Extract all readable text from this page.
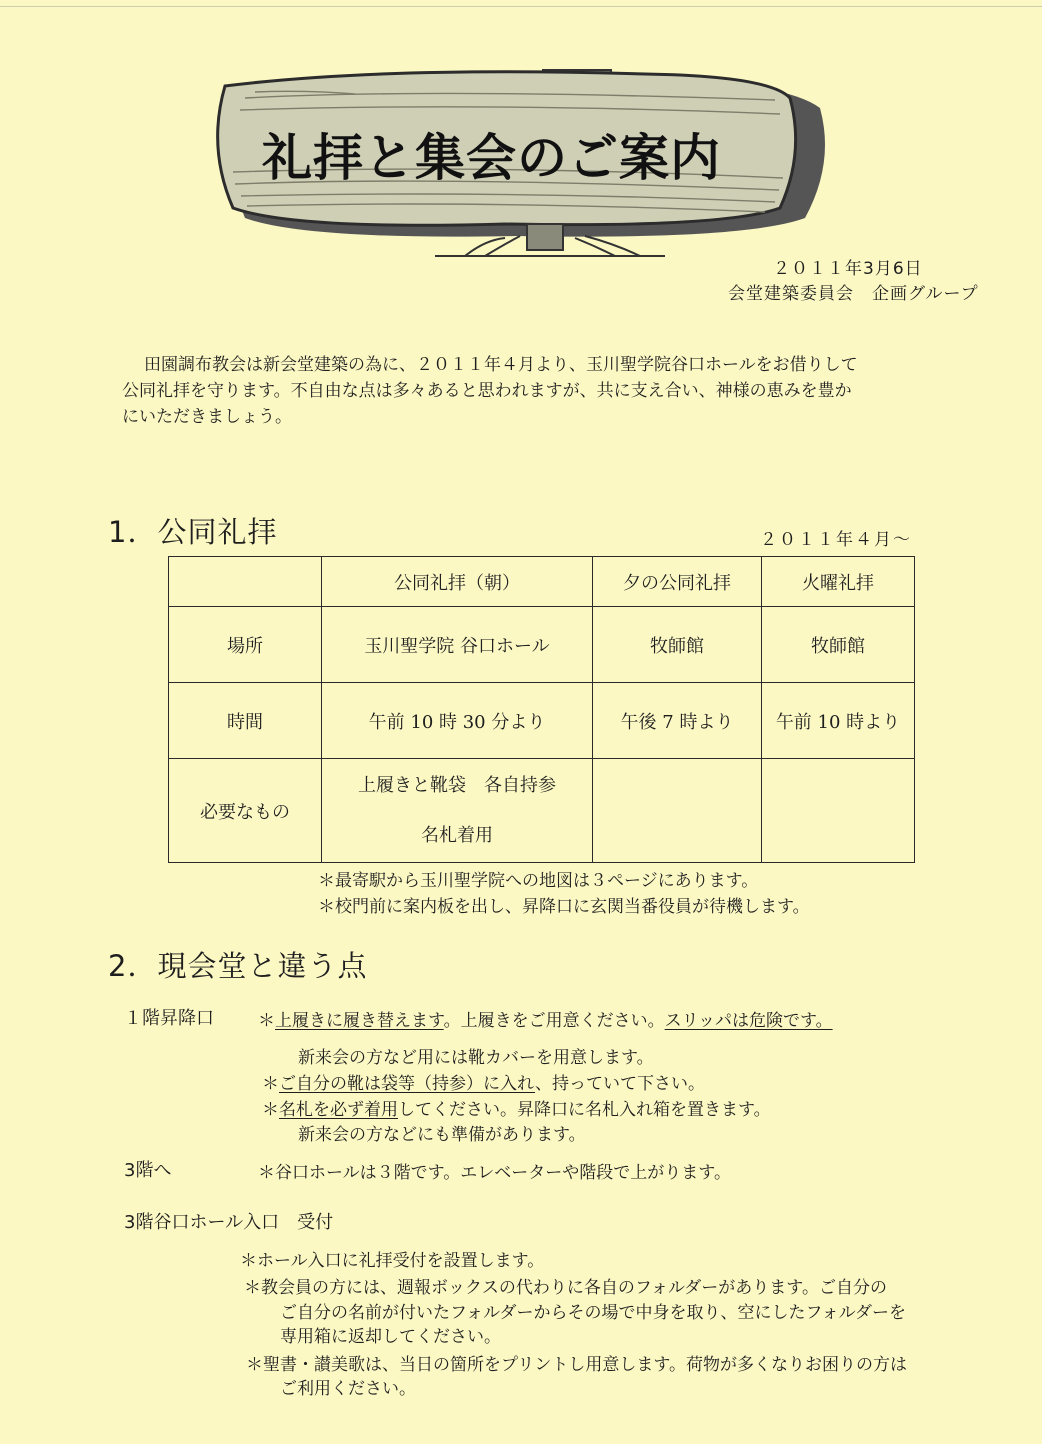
礼拝と集会のご案内
２０１１年3月6日
会堂建築委員会　企画グループ

田園調布教会は新会堂建築の為に、２０１１年４月より、玉川聖学院谷口ホールをお借りして

公同礼拝を守ります。不自由な点は多々あると思われますが、共に支え合い、神様の恵みを豊か

にいただきましょう。

1．公同礼拝	２０１１年４月～
	公同礼拝（朝）	夕の公同礼拝	火曜礼拝
場所	玉川聖学院 谷口ホール	牧師館	牧師館
時間	午前 10 時 30 分より	午後 7 時より	午前 10 時より
必要なもの	上履きと靴袋　各自持参
名札着用		

＊最寄駅から玉川聖学院への地図は３ページにあります。
＊校門前に案内板を出し、昇降口に玄関当番役員が待機します。
2．現会堂と違う点
１階昇降口	＊上履きに履き替えます。上履きをご用意ください。スリッパは危険です。
新来会の方など用には靴カバーを用意します。
＊ご自分の靴は袋等（持参）に入れ、持っていて下さい。
＊名札を必ず着用してください。昇降口に名札入れ箱を置きます。
新来会の方などにも準備があります。
3階へ	＊谷口ホールは３階です。エレベーターや階段で上がります。
3階谷口ホール入口　受付
＊ホール入口に礼拝受付を設置します。
＊教会員の方には、週報ボックスの代わりに各自のフォルダーがあります。ご自分の
ご自分の名前が付いたフォルダーからその場で中身を取り、空にしたフォルダーを
専用箱に返却してください。
＊聖書・讃美歌は、当日の箇所をプリントし用意します。荷物が多くなりお困りの方は
ご利用ください。
